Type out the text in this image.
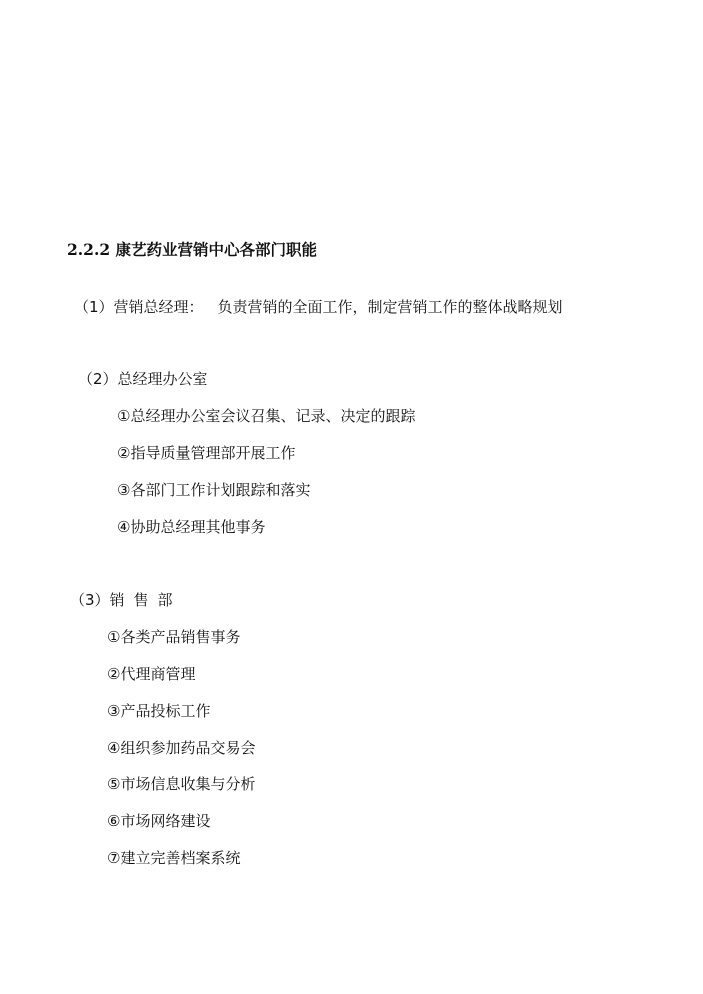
2.2.2 康艺药业营销中心各部门职能
（1）营销总经理： 负责营销的全面工作，制定营销工作的整体战略规划
（2）总经理办公室
①总经理办公室会议召集、记录、决定的跟踪
②指导质量管理部开展工作
③各部门工作计划跟踪和落实
④协助总经理其他事务
（3）销售部
①各类产品销售事务
②代理商管理
③产品投标工作
④组织参加药品交易会
⑤市场信息收集与分析
⑥市场网络建设
⑦建立完善档案系统
